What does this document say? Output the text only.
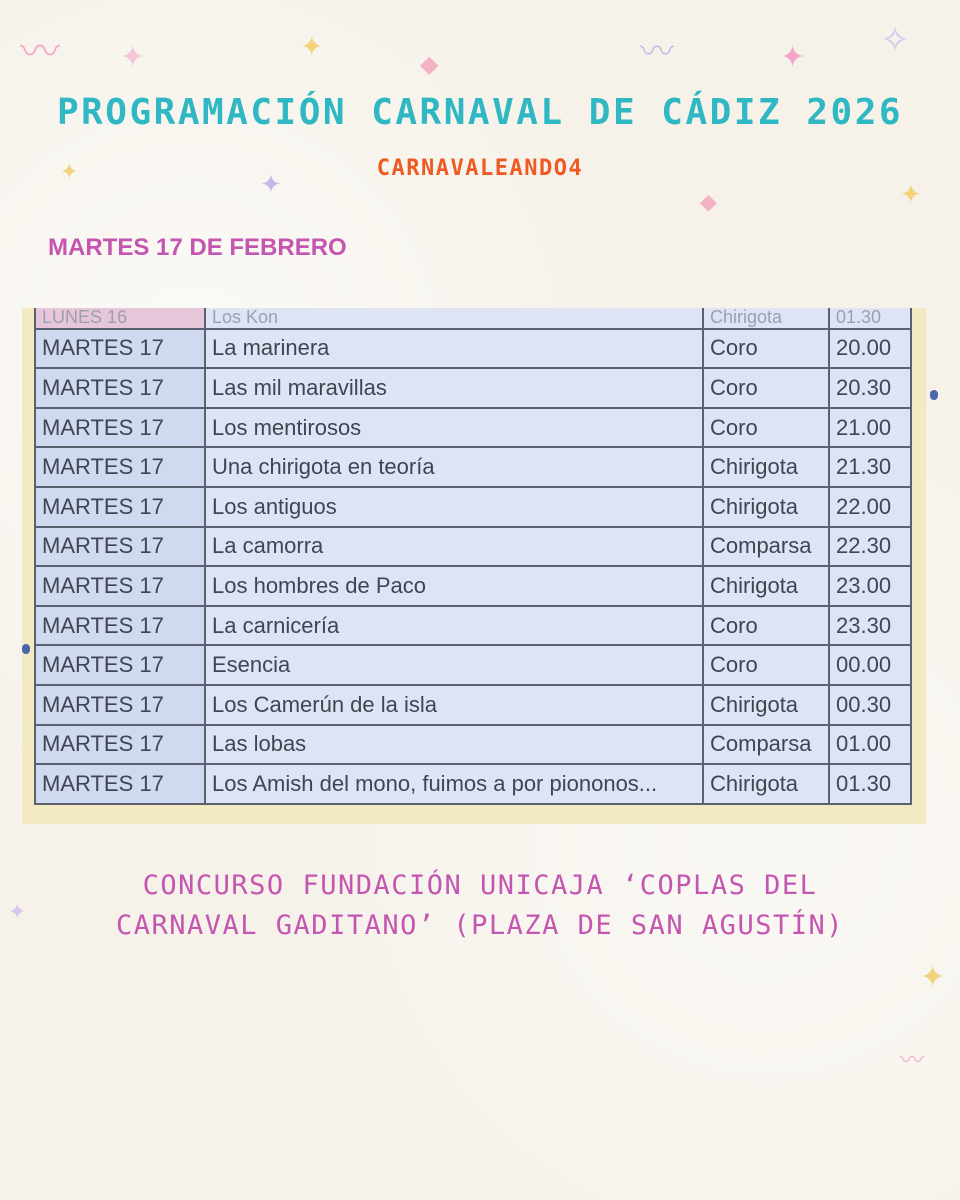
〰 ✦	✦
◆	〰	✦ ✧
✦	✦
◆	✦
✦
✦
〰
PROGRAMACIÓN CARNAVAL DE CÁDIZ 2026
CARNAVALEANDO4
MARTES 17 DE FEBRERO
LUNES 16	Los Kon	Chirigota	01.30
MARTES 17	La marinera	Coro	20.00
MARTES 17	Las mil maravillas	Coro	20.30
MARTES 17	Los mentirosos	Coro	21.00
MARTES 17	Una chirigota en teoría	Chirigota	21.30
MARTES 17	Los antiguos	Chirigota	22.00
MARTES 17	La camorra	Comparsa	22.30
MARTES 17	Los hombres de Paco	Chirigota	23.00
MARTES 17	La carnicería	Coro	23.30
MARTES 17	Esencia	Coro	00.00
MARTES 17	Los Camerún de la isla	Chirigota	00.30
MARTES 17	Las lobas	Comparsa	01.00
MARTES 17	Los Amish del mono, fuimos a por piononos...	Chirigota	01.30
CONCURSO FUNDACIÓN UNICAJA ‘COPLAS DEL
CARNAVAL GADITANO’ (PLAZA DE SAN AGUSTÍN)
